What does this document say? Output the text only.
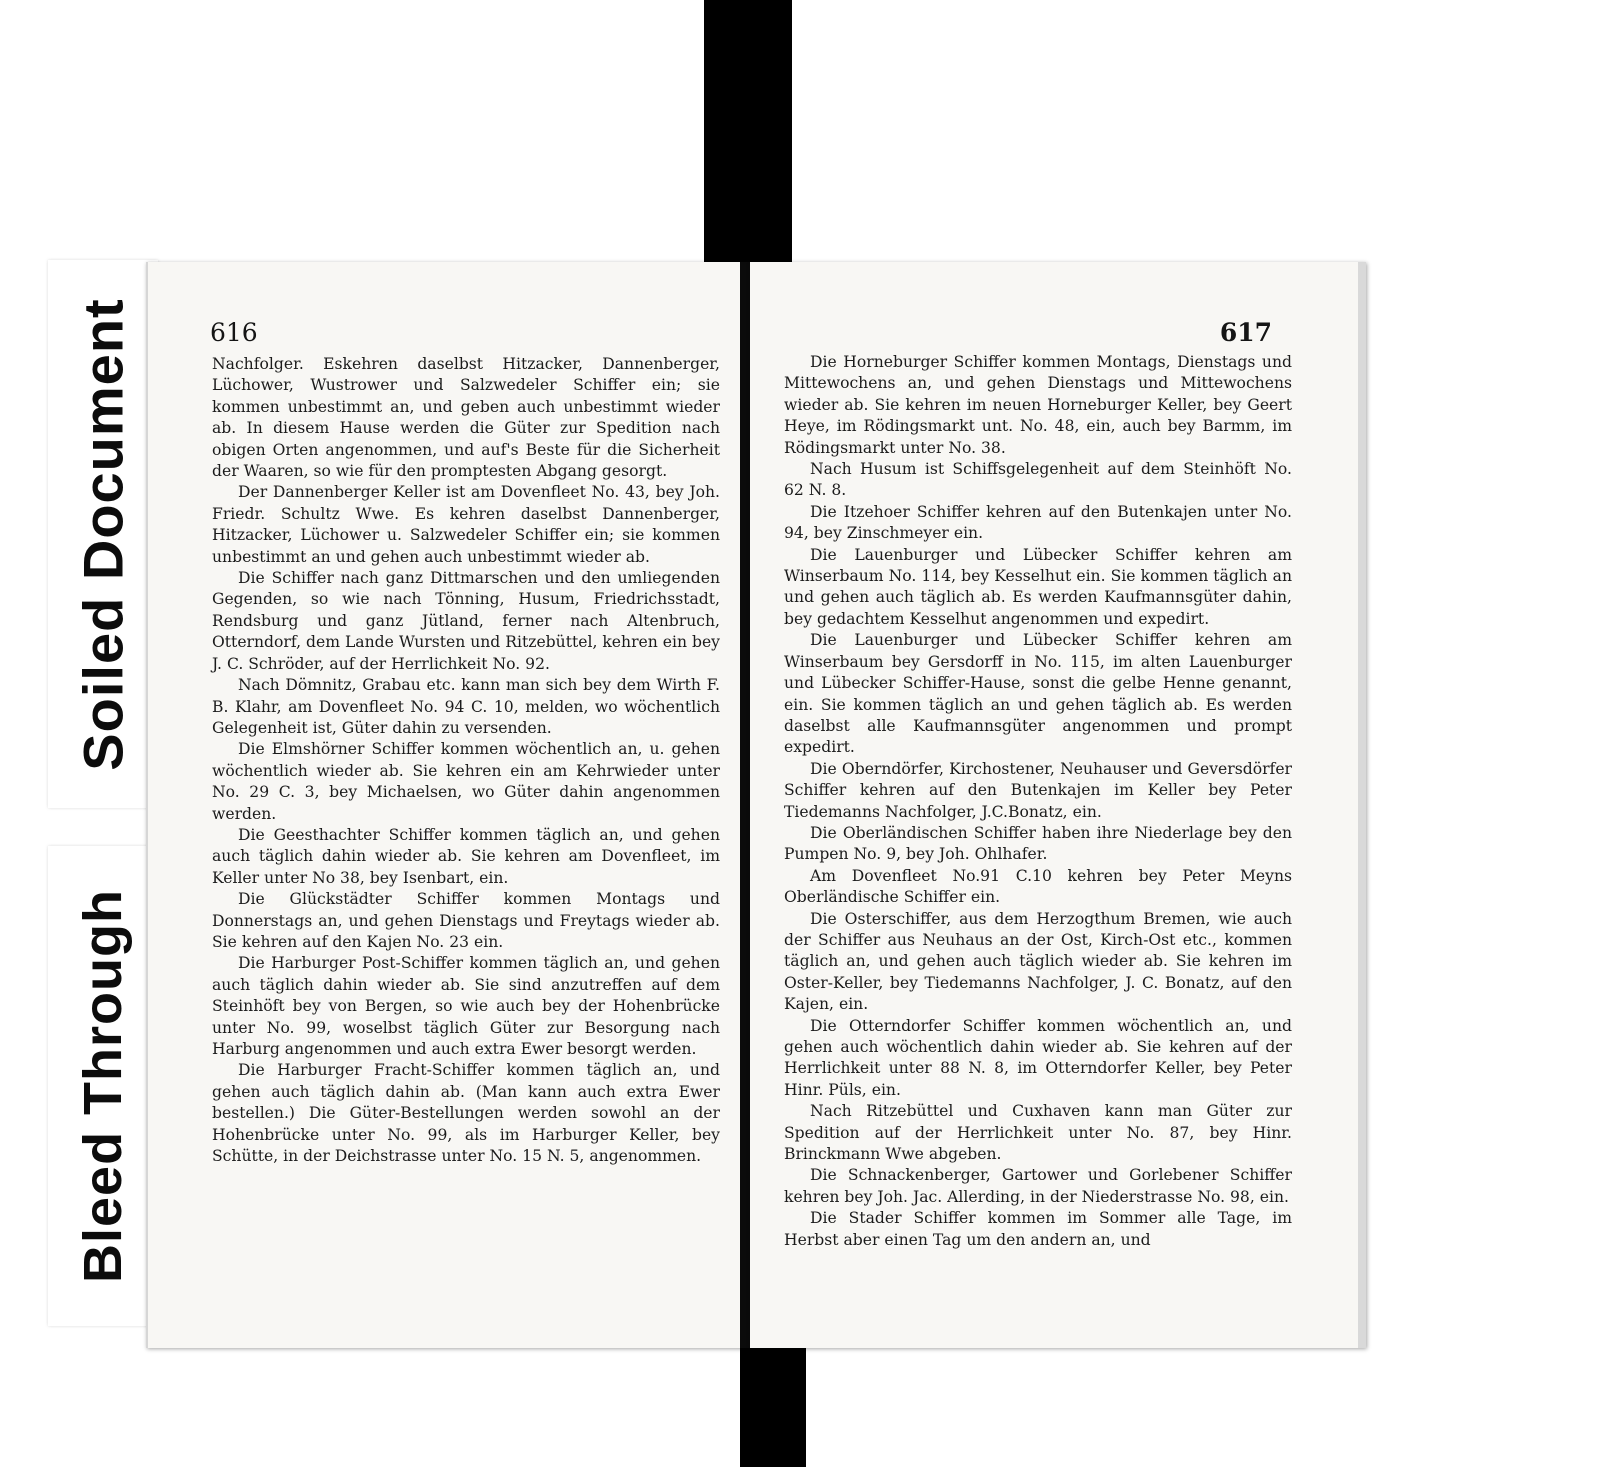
Soiled Document
Bleed Through
616

Nachfolger. Eskehren daselbst Hitzacker, Dannenberger, Lüchower, Wustrower und Salzwedeler Schiffer ein; sie kommen unbestimmt an, und geben auch unbestimmt wieder ab. In diesem Hause werden die Güter zur Spedition nach obigen Orten angenommen, und auf's Beste für die Sicherheit der Waaren, so wie für den promptesten Abgang gesorgt.

Der Dannenberger Keller ist am Dovenfleet No. 43, bey Joh. Friedr. Schultz Wwe. Es kehren daselbst Dannenberger, Hitzacker, Lüchower u. Salzwedeler Schiffer ein; sie kommen unbestimmt an und gehen auch unbestimmt wieder ab.

Die Schiffer nach ganz Dittmarschen und den umliegenden Gegenden, so wie nach Tönning, Husum, Friedrichsstadt, Rendsburg und ganz Jütland, ferner nach Altenbruch, Otterndorf, dem Lande Wursten und Ritzebüttel, kehren ein bey J. C. Schröder, auf der Herrlichkeit No. 92.

Nach Dömnitz, Grabau etc. kann man sich bey dem Wirth F. B. Klahr, am Dovenfleet No. 94 C. 10, melden, wo wöchentlich Gelegenheit ist, Güter dahin zu versenden.

Die Elmshörner Schiffer kommen wöchentlich an, u. gehen wöchentlich wieder ab. Sie kehren ein am Kehrwieder unter No. 29 C. 3, bey Michaelsen, wo Güter dahin angenommen werden.

Die Geesthachter Schiffer kommen täglich an, und gehen auch täglich dahin wieder ab. Sie kehren am Dovenfleet, im Keller unter No 38, bey Isenbart, ein.

Die Glückstädter Schiffer kommen Montags und Donnerstags an, und gehen Dienstags und Freytags wieder ab. Sie kehren auf den Kajen No. 23 ein.

Die Harburger Post-Schiffer kommen täglich an, und gehen auch täglich dahin wieder ab. Sie sind anzutreffen auf dem Steinhöft bey von Bergen, so wie auch bey der Hohenbrücke unter No. 99, woselbst täglich Güter zur Besorgung nach Harburg angenommen und auch extra Ewer besorgt werden.

Die Harburger Fracht-Schiffer kommen täglich an, und gehen auch täglich dahin ab. (Man kann auch extra Ewer bestellen.) Die Güter-Bestellungen werden sowohl an der Hohenbrücke unter No. 99, als im Harburger Keller, bey Schütte, in der Deichstrasse unter No. 15 N. 5, angenommen.

617

Die Horneburger Schiffer kommen Montags, Dienstags und Mittewochens an, und gehen Dienstags und Mittewochens wieder ab. Sie kehren im neuen Horneburger Keller, bey Geert Heye, im Rödingsmarkt unt. No. 48, ein, auch bey Barmm, im Rödingsmarkt unter No. 38.

Nach Husum ist Schiffsgelegenheit auf dem Steinhöft No. 62 N. 8.

Die Itzehoer Schiffer kehren auf den Butenkajen unter No. 94, bey Zinschmeyer ein.

Die Lauenburger und Lübecker Schiffer kehren am Winserbaum No. 114, bey Kesselhut ein. Sie kommen täglich an und gehen auch täglich ab. Es werden Kaufmannsgüter dahin, bey gedachtem Kesselhut angenommen und expedirt.

Die Lauenburger und Lübecker Schiffer kehren am Winserbaum bey Gersdorff in No. 115, im alten Lauenburger und Lübecker Schiffer-Hause, sonst die gelbe Henne genannt, ein. Sie kommen täglich an und gehen täglich ab. Es werden daselbst alle Kaufmannsgüter angenommen und prompt expedirt.

Die Oberndörfer, Kirchostener, Neuhauser und Geversdörfer Schiffer kehren auf den Butenkajen im Keller bey Peter Tiedemanns Nachfolger, J.C.Bonatz, ein.

Die Oberländischen Schiffer haben ihre Niederlage bey den Pumpen No. 9, bey Joh. Ohlhafer.

Am Dovenfleet No.91 C.10 kehren bey Peter Meyns Oberländische Schiffer ein.

Die Osterschiffer, aus dem Herzogthum Bremen, wie auch der Schiffer aus Neuhaus an der Ost, Kirch-Ost etc., kommen täglich an, und gehen auch täglich wieder ab. Sie kehren im Oster-Keller, bey Tiedemanns Nachfolger, J. C. Bonatz, auf den Kajen, ein.

Die Otterndorfer Schiffer kommen wöchentlich an, und gehen auch wöchentlich dahin wieder ab. Sie kehren auf der Herrlichkeit unter 88 N. 8, im Otterndorfer Keller, bey Peter Hinr. Püls, ein.

Nach Ritzebüttel und Cuxhaven kann man Güter zur Spedition auf der Herrlichkeit unter No. 87, bey Hinr. Brinckmann Wwe abgeben.

Die Schnackenberger, Gartower und Gorlebener Schiffer kehren bey Joh. Jac. Allerding, in der Niederstrasse No. 98, ein.

Die Stader Schiffer kommen im Sommer alle Tage, im Herbst aber einen Tag um den andern an, und
